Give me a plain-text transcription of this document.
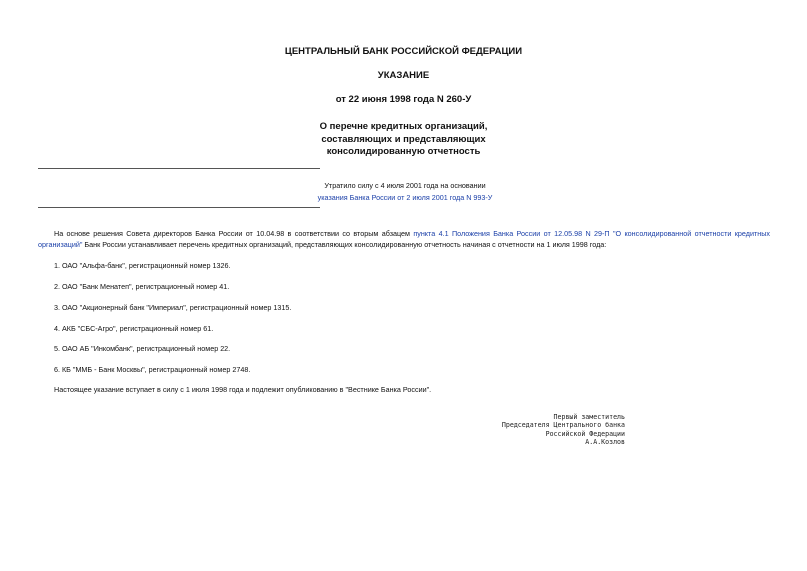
ЦЕНТРАЛЬНЫЙ БАНК РОССИЙСКОЙ ФЕДЕРАЦИИ
УКАЗАНИЕ
от 22 июня 1998 года N 260-У
О перечне кредитных организаций,
составляющих и представляющих
консолидированную отчетность
Утратило силу с 4 июля 2001 года на основании
указания Банка России от 2 июля 2001 года N 993-У
На основе решения Совета директоров Банка России от 10.04.98 в соответствии со вторым абзацем пункта 4.1 Положения Банка России от 12.05.98 N 29-П "О консолидированной отчетности кредитных организаций" Банк России устанавливает перечень кредитных организаций, представляющих консолидированную отчетность начиная с отчетности на 1 июля 1998 года:
1. ОАО "Альфа-банк", регистрационный номер 1326.
2. ОАО "Банк Менатеп", регистрационный номер 41.
3. ОАО "Акционерный банк "Империал", регистрационный номер 1315.
4. АКБ "СБС-Агро", регистрационный номер 61.
5. ОАО АБ "Инкомбанк", регистрационный номер 22.
6. КБ "ММБ - Банк Москвы", регистрационный номер 2748.
Настоящее указание вступает в силу с 1 июля 1998 года и подлежит опубликованию в "Вестнике Банка России".
Первый заместитель
Председателя Центрального банка
Российской Федерации
А.А.Козлов
